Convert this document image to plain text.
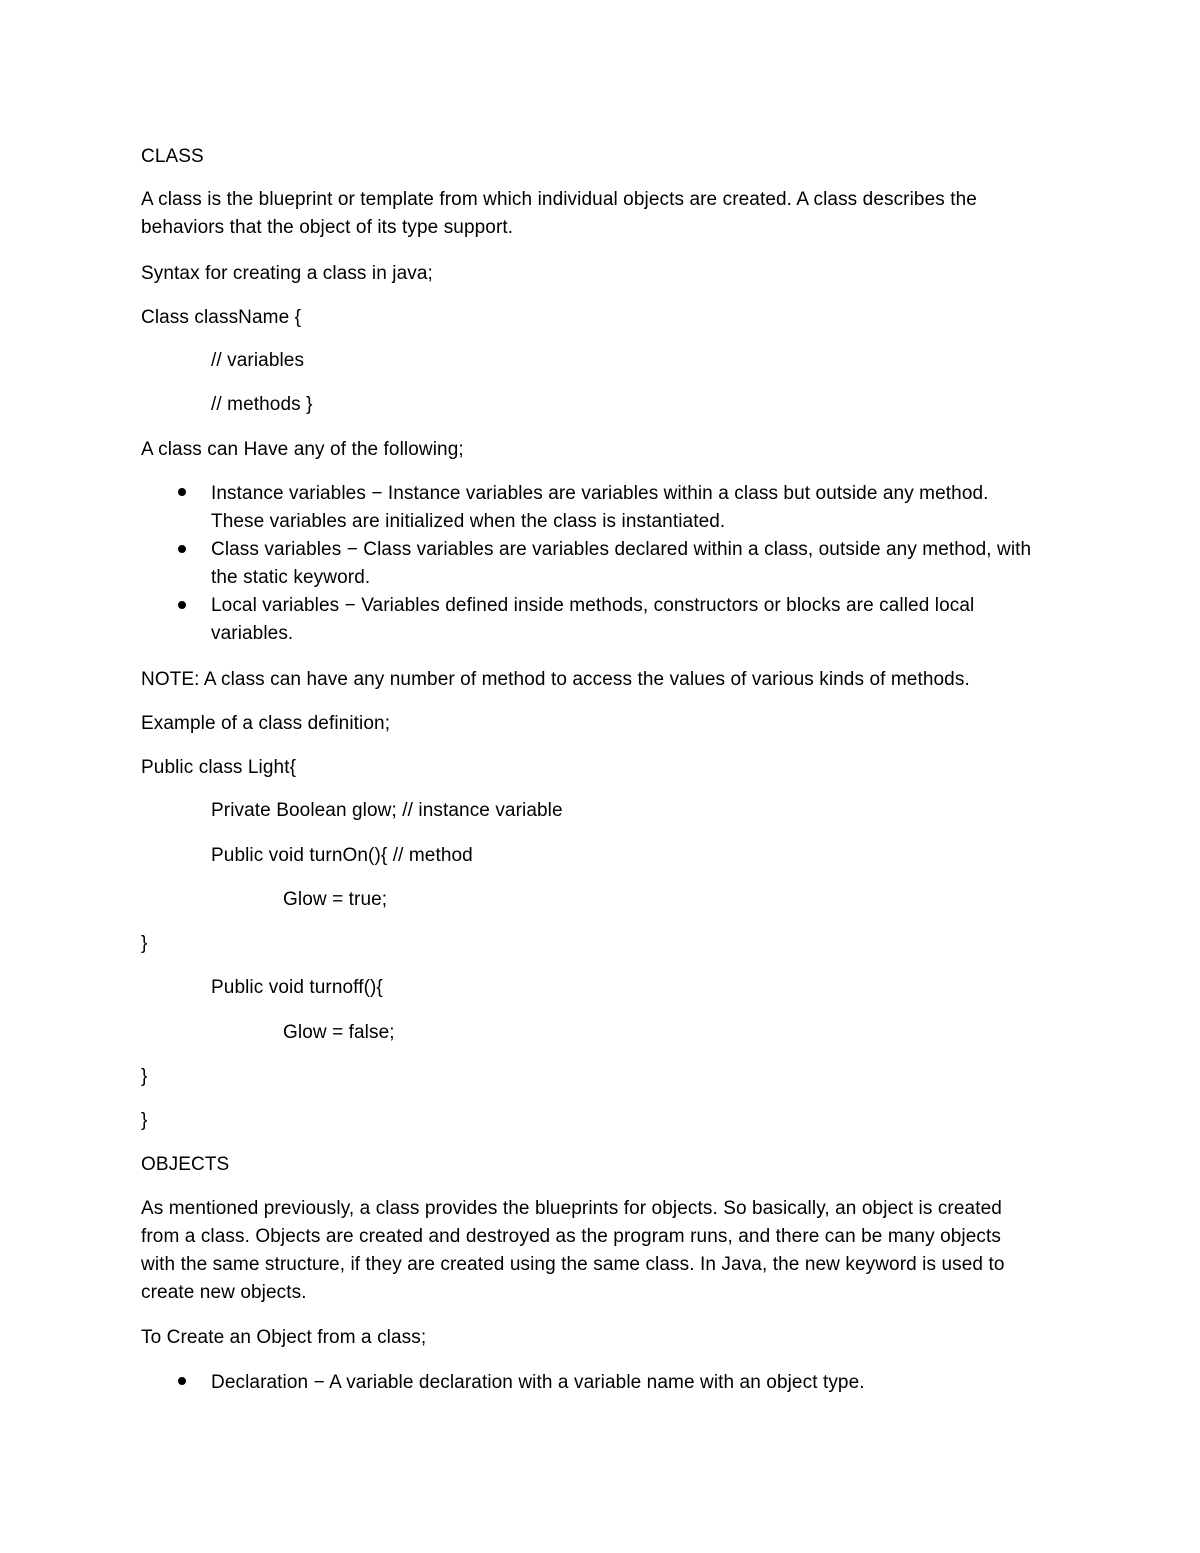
CLASS
A class is the blueprint or template from which individual objects are created. A class describes the
behaviors that the object of its type support.
Syntax for creating a class in java;
Class className {
// variables
// methods }
A class can Have any of the following;
Instance variables − Instance variables are variables within a class but outside any method.
These variables are initialized when the class is instantiated.
Class variables − Class variables are variables declared within a class, outside any method, with
the static keyword.
Local variables − Variables defined inside methods, constructors or blocks are called local
variables.
NOTE: A class can have any number of method to access the values of various kinds of methods.
Example of a class definition;
Public class Light{
Private Boolean glow; // instance variable
Public void turnOn(){ // method
Glow = true;
}
Public void turnoff(){
Glow = false;
}
}
OBJECTS
As mentioned previously, a class provides the blueprints for objects. So basically, an object is created
from a class. Objects are created and destroyed as the program runs, and there can be many objects
with the same structure, if they are created using the same class. In Java, the new keyword is used to
create new objects.
To Create an Object from a class;
Declaration − A variable declaration with a variable name with an object type.
